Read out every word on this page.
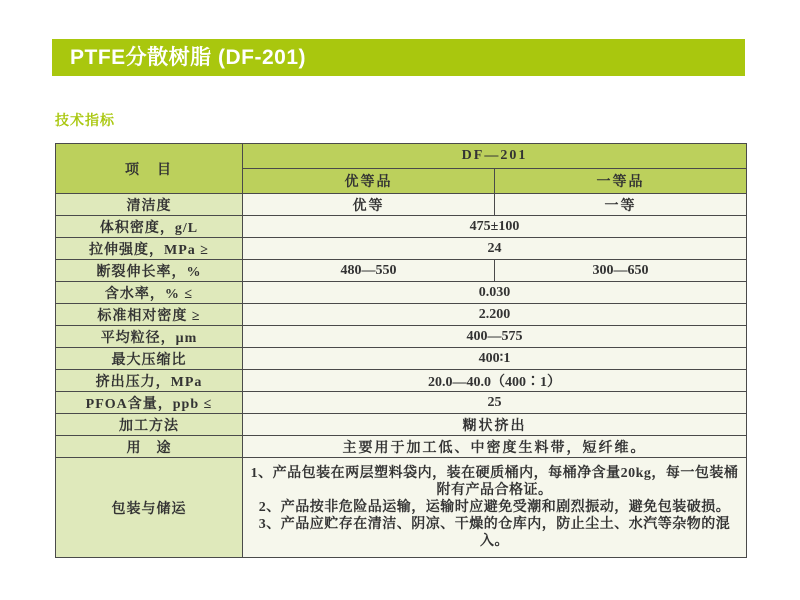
PTFE分散树脂 (DF-201)
技术指标
项　目	DF—201	
	优等品	一等品
清洁度	优等	一等
体积密度，g/L	475±100	
拉伸强度，MPa ≥	24	
断裂伸长率，%	480—550	300—650
含水率，% ≤	0.030	
标准相对密度 ≥	2.200	
平均粒径，μm	400—575	
最大压缩比	400∶1	
挤出压力，MPa	20.0—40.0（400∶1）	
PFOA含量，ppb ≤	25	
加工方法	糊状挤出	
用　途	主要用于加工低、中密度生料带，短纤维。	
包装与储运	1、产品包装在两层塑料袋内，装在硬质桶内，每桶净含量20kg，每一包装桶附有产品合格证。
2、产品按非危险品运输，运输时应避免受潮和剧烈振动，避免包装破损。
3、产品应贮存在清洁、阴凉、干燥的仓库内，防止尘土、水汽等杂物的混入。	
